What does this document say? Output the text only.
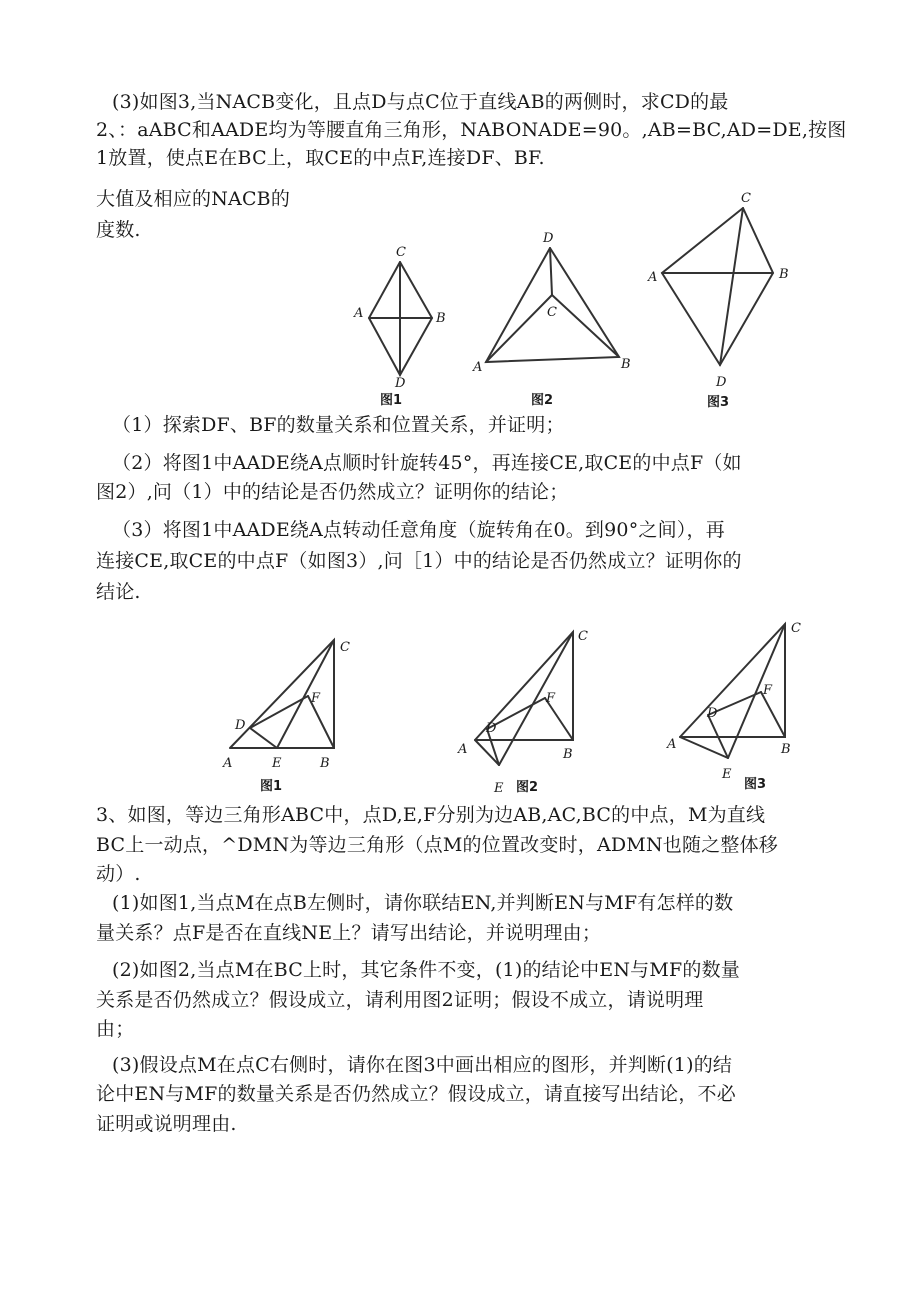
(3)如图3,当NACB变化，且点D与点C位于直线AB的两侧时，求CD的最
2、：aABC和AADE均为等腰直角三角形，NABONADE=90。,AB=BC,AD=DE,按图
1放置，使点E在BC上，取CE的中点F,连接DF、BF.
大值及相应的NACB的
度数.
（1）探索DF、BF的数量关系和位置关系，并证明；
（2）将图1中AADE绕A点顺时针旋转45°，再连接CE,取CE的中点F（如
图2）,问（1）中的结论是否仍然成立？证明你的结论；
（3）将图1中AADE绕A点转动任意角度（旋转角在0。到90°之间），再
连接CE,取CE的中点F（如图3）,问［1）中的结论是否仍然成立？证明你的
结论.
3、如图，等边三角形ABC中，点D,E,F分别为边AB,AC,BC的中点，M为直线
BC上一动点，^DMN为等边三角形（点M的位置改变时，ADMN也随之整体移
动）.
(1)如图1,当点M在点B左侧时，请你联结EN,并判断EN与MF有怎样的数
量关系？点F是否在直线NE上？请写出结论，并说明理由；
(2)如图2,当点M在BC上时，其它条件不变，(1)的结论中EN与MF的数量
关系是否仍然成立？假设成立，请利用图2证明；假设不成立，请说明理
由；
(3)假设点M在点C右侧时，请你在图3中画出相应的图形，并判断(1)的结
论中EN与MF的数量关系是否仍然成立？假设成立，请直接写出结论，不必
证明或说明理由.
C
A	B
D
图1
D
C
A	B
图2
C
A	B
D
图3
C
F
D
A	E	B
图1
C
F
D
A	B
E 图2
C
F
D
A	B
E
图3
